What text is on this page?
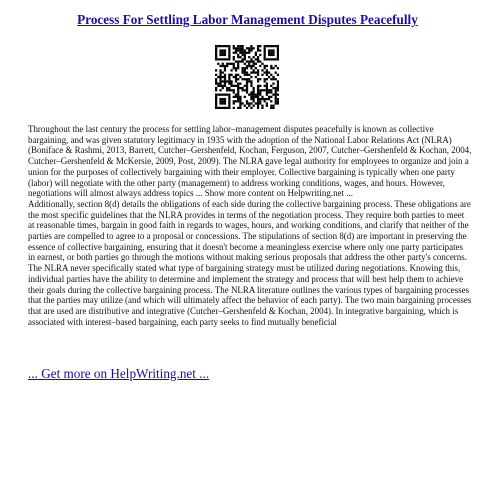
Process For Settling Labor Management Disputes Peacefully

Throughout the last century the process for settling labor–management disputes peacefully is known as collective bargaining, and was given statutory legitimacy in 1935 with the adoption of the National Labor Relations Act (NLRA) (Boniface & Rashmi, 2013, Barrett, Cutcher–Gershenfeld, Kochan, Ferguson, 2007, Cutcher–Gershenfeld & Kochan, 2004, Cutcher–Gershenfeld & McKersie, 2009, Post, 2009). The NLRA gave legal authority for employees to organize and join a union for the purposes of collectively bargaining with their employer. Collective bargaining is typically when one party (labor) will negotiate with the other party (management) to address working conditions, wages, and hours. However, negotiations will almost always address topics ... Show more content on Helpwriting.net ...

Additionally, section 8(d) details the obligations of each side during the collective bargaining process. These obligations are the most specific guidelines that the NLRA provides in terms of the negotiation process. They require both parties to meet at reasonable times, bargain in good faith in regards to wages, hours, and working conditions, and clarify that neither of the parties are compelled to agree to a proposal or concessions. The stipulations of section 8(d) are important in preserving the essence of collective bargaining, ensuring that it doesn't become a meaningless exercise where only one party participates in earnest, or both parties go through the motions without making serious proposals that address the other party's concerns. The NLRA never specifically stated what type of bargaining strategy must be utilized during negotiations. Knowing this, individual parties have the ability to determine and implement the strategy and process that will best help them to achieve their goals during the collective bargaining process. The NLRA literature outlines the various types of bargaining processes that the parties may utilize (and which will ultimately affect the behavior of each party). The two main bargaining processes that are used are distributive and integrative (Cutcher–Gershenfeld & Kochan, 2004). In integrative bargaining, which is associated with interest–based bargaining, each party seeks to find mutually beneficial

... Get more on HelpWriting.net ...
